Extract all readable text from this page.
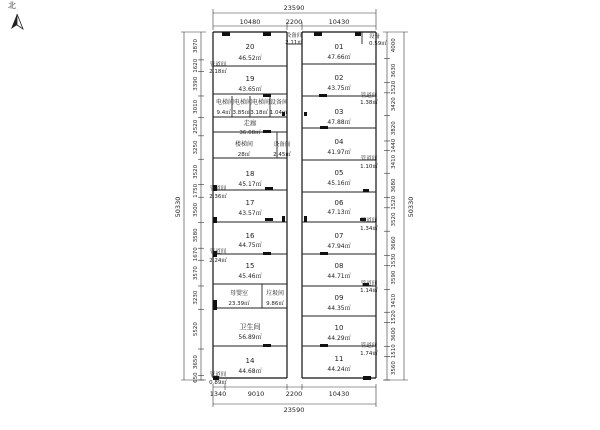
北	23590
10480	2200	10430
1340	9010	2200	10430
23590
50330	50330
3870
1620
3390
3010
2520
3250
3520
1750
3500
3580
1670
3570
3230
5520
3650
650
4000
3630
1520
3420
3820
1440
3410
3680
1520
3520
3660
1530
3590
3410
1520
3600
1510
3560
20
46.52㎡
19
43.65㎡
18
45.17㎡
17
43.57㎡
16
44.75㎡
15
45.46㎡
卫生间
56.89㎡
14
44.68㎡
01
47.66㎡
02
43.75㎡
03
47.88㎡
04
41.97㎡
05
45.16㎡
06
47.13㎡
07
47.94㎡
08
44.71㎡
09
44.35㎡
10
44.29㎡
11
44.24㎡
设备间
2.11㎡
设备
0.59㎡
电梯间电梯间电梯间设备间
9.4㎡ 3.85㎡3.18㎡ 1.04㎡
走廊
36.08㎡
楼梯间
28㎡
设备间
2.45㎡
母婴室
23.39㎡
垃圾间
9.86㎡
管道间
2.18㎡
管道间
2.36㎡
管道间
2.24㎡
管道间
0.89㎡
管道间
1.38㎡
管道间
1.10㎡
管道间
1.34㎡
管道间
1.14㎡
管道间
1.74㎡
